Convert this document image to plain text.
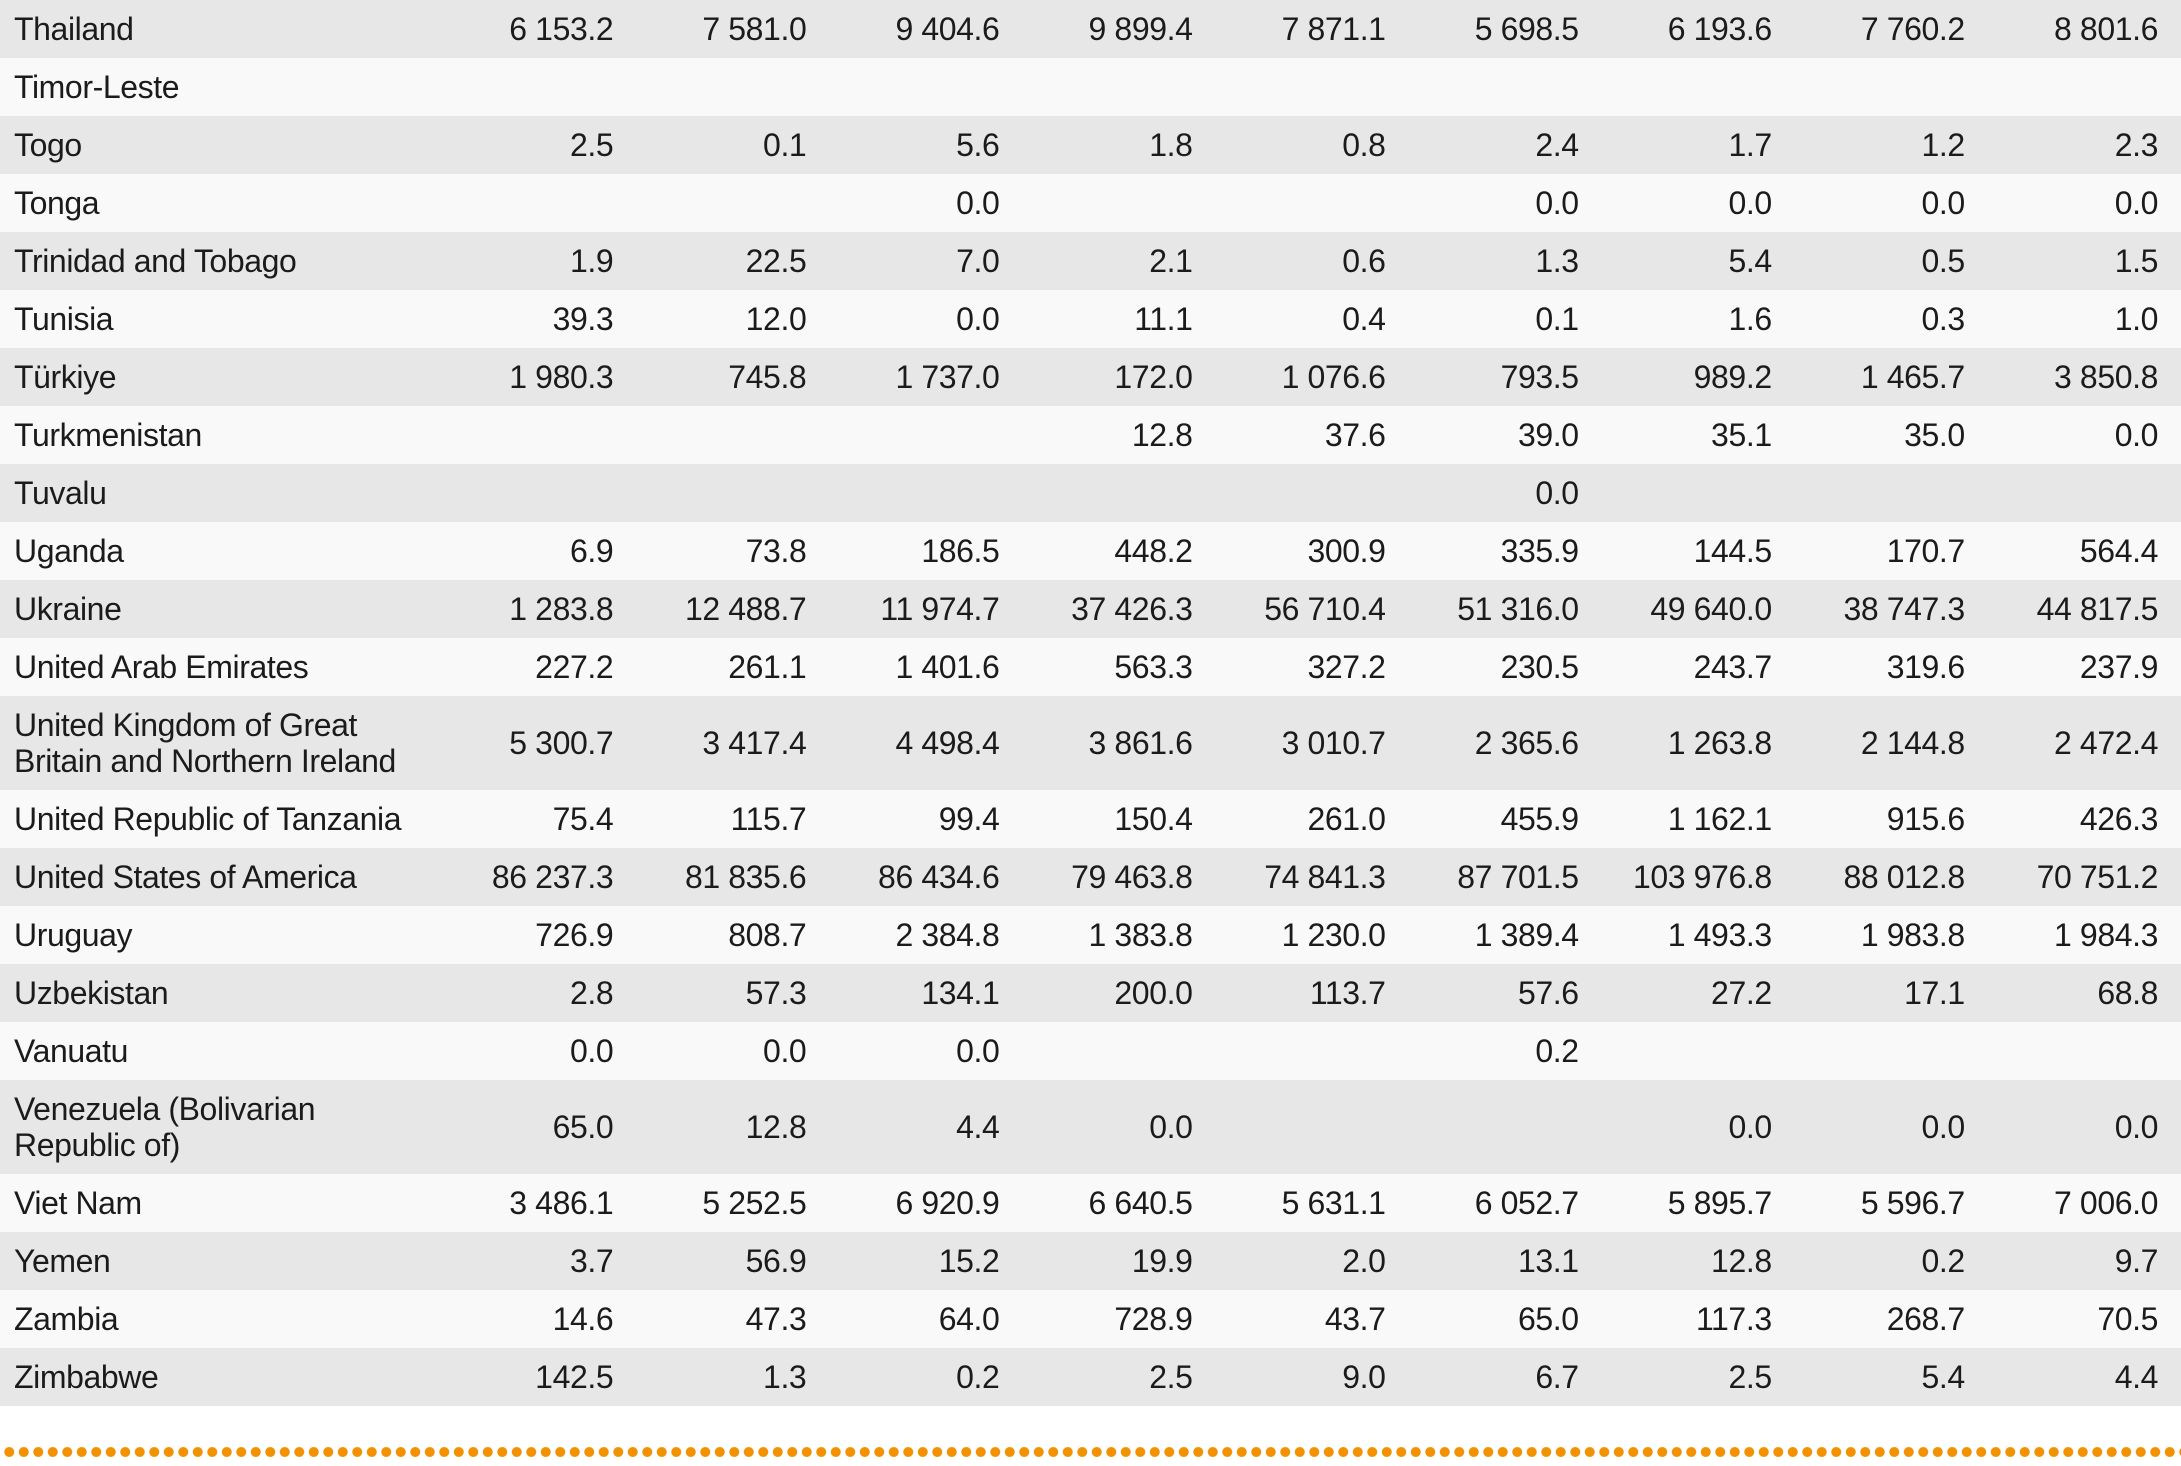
Thailand	6 153.2	7 581.0	9 404.6	9 899.4	7 871.1	5 698.5	6 193.6	7 760.2	8 801.6
Timor-Leste									
Togo	2.5	0.1	5.6	1.8	0.8	2.4	1.7	1.2	2.3
Tonga			0.0			0.0	0.0	0.0	0.0
Trinidad and Tobago	1.9	22.5	7.0	2.1	0.6	1.3	5.4	0.5	1.5
Tunisia	39.3	12.0	0.0	11.1	0.4	0.1	1.6	0.3	1.0
Türkiye	1 980.3	745.8	1 737.0	172.0	1 076.6	793.5	989.2	1 465.7	3 850.8
Turkmenistan				12.8	37.6	39.0	35.1	35.0	0.0
Tuvalu						0.0			
Uganda	6.9	73.8	186.5	448.2	300.9	335.9	144.5	170.7	564.4
Ukraine	1 283.8	12 488.7	11 974.7	37 426.3	56 710.4	51 316.0	49 640.0	38 747.3	44 817.5
United Arab Emirates	227.2	261.1	1 401.6	563.3	327.2	230.5	243.7	319.6	237.9
United Kingdom of Great Britain and Northern Ireland	5 300.7	3 417.4	4 498.4	3 861.6	3 010.7	2 365.6	1 263.8	2 144.8	2 472.4
United Republic of Tanzania	75.4	115.7	99.4	150.4	261.0	455.9	1 162.1	915.6	426.3
United States of America	86 237.3	81 835.6	86 434.6	79 463.8	74 841.3	87 701.5	103 976.8	88 012.8	70 751.2
Uruguay	726.9	808.7	2 384.8	1 383.8	1 230.0	1 389.4	1 493.3	1 983.8	1 984.3
Uzbekistan	2.8	57.3	134.1	200.0	113.7	57.6	27.2	17.1	68.8
Vanuatu	0.0	0.0	0.0			0.2			
Venezuela (Bolivarian Republic of)	65.0	12.8	4.4	0.0			0.0	0.0	0.0
Viet Nam	3 486.1	5 252.5	6 920.9	6 640.5	5 631.1	6 052.7	5 895.7	5 596.7	7 006.0
Yemen	3.7	56.9	15.2	19.9	2.0	13.1	12.8	0.2	9.7
Zambia	14.6	47.3	64.0	728.9	43.7	65.0	117.3	268.7	70.5
Zimbabwe	142.5	1.3	0.2	2.5	9.0	6.7	2.5	5.4	4.4
